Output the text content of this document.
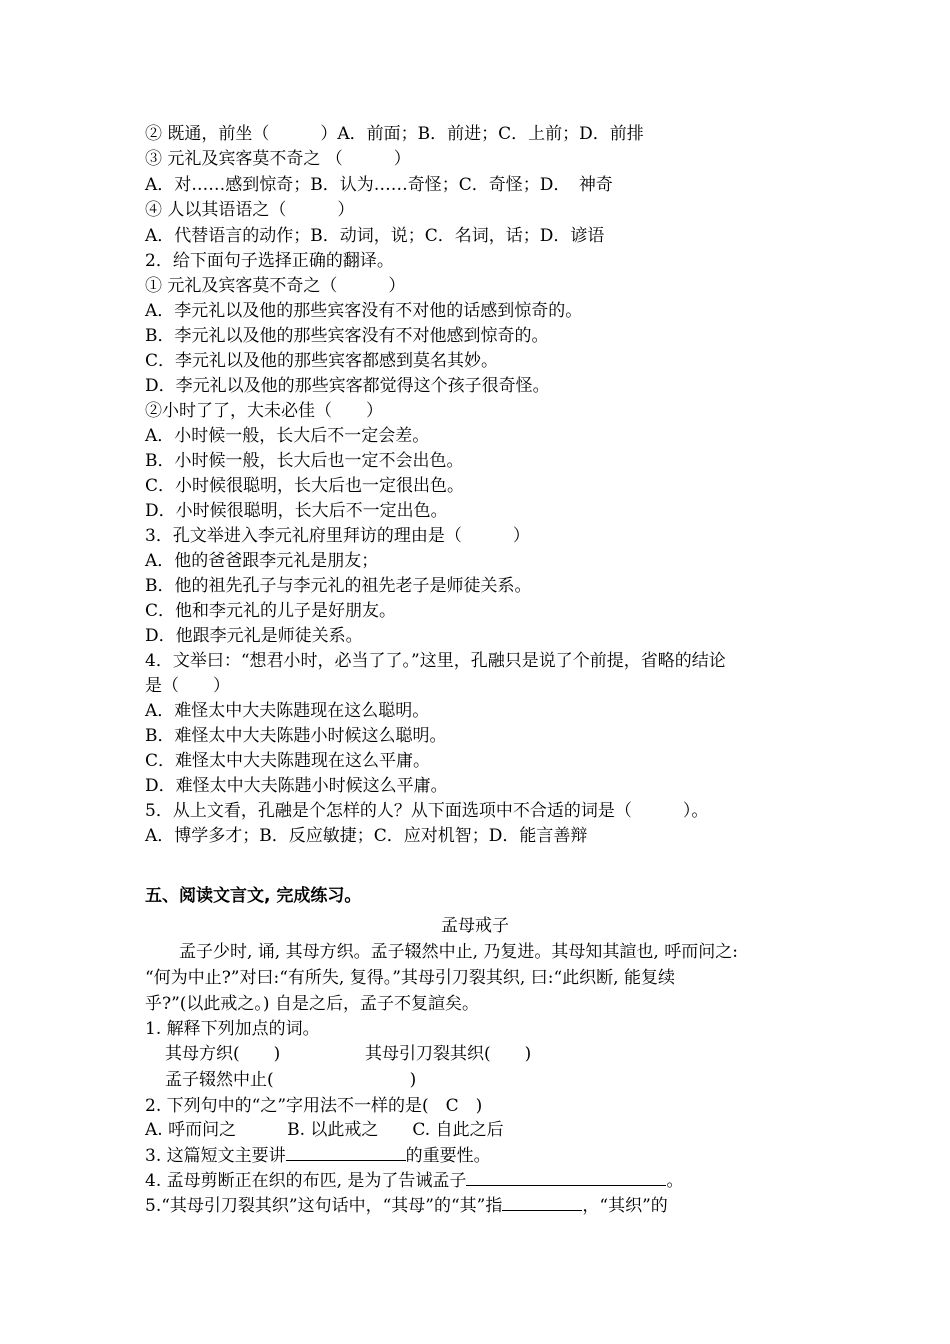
② 既通，前坐（　　　）A．前面；B．前进；C．上前；D．前排
③ 元礼及宾客莫不奇之 （　　　）
A．对……感到惊奇；B．认为……奇怪；C．奇怪；D．　神奇
④ 人以其语语之（　　　）
A．代替语言的动作；B．动词，说；C．名词，话；D．谚语
2．给下面句子选择正确的翻译。
① 元礼及宾客莫不奇之（　　　）
A．李元礼以及他的那些宾客没有不对他的话感到惊奇的。
B．李元礼以及他的那些宾客没有不对他感到惊奇的。
C．李元礼以及他的那些宾客都感到莫名其妙。
D．李元礼以及他的那些宾客都觉得这个孩子很奇怪。
②小时了了，大未必佳（　　）
A．小时候一般，长大后不一定会差。
B．小时候一般，长大后也一定不会出色。
C．小时候很聪明，长大后也一定很出色。
D．小时候很聪明，长大后不一定出色。
3．孔文举进入李元礼府里拜访的理由是（　　　）
A．他的爸爸跟李元礼是朋友；
B．他的祖先孔子与李元礼的祖先老子是师徒关系。
C．他和李元礼的儿子是好朋友。
D．他跟李元礼是师徒关系。
4．文举曰：“想君小时，必当了了。”这里，孔融只是说了个前提，省略的结论
是（　　）
A．难怪太中大夫陈韪现在这么聪明。
B．难怪太中大夫陈韪小时候这么聪明。
C．难怪太中大夫陈韪现在这么平庸。
D．难怪太中大夫陈韪小时候这么平庸。
5．从上文看，孔融是个怎样的人？从下面选项中不合适的词是（　　　）。
A．博学多才；B．反应敏捷；C．应对机智；D．能言善辩
五、阅读文言文, 完成练习。
孟母戒子
　　孟子少时, 诵, 其母方织。孟子辍然中止, 乃复进。其母知其諠也, 呼而问之:
“何为中止?”对曰:“有所失, 复得。”其母引刀裂其织, 曰:“此织断, 能复续
乎?”(以此戒之。) 自是之后，孟子不复諠矣。
1. 解释下列加点的词。
其母方织(　　)	其母引刀裂其织(　　)
孟子辍然中止(　　　　　　　　)
2. 下列句中的“之”字用法不一样的是(　C　)
A. 呼而问之　　　B. 以此戒之　　C. 自此之后
3. 这篇短文主要讲	的重要性。
4. 孟母剪断正在织的布匹, 是为了告诫孟子	。
5.“其母引刀裂其织”这句话中，“其母”的“其”指	，“其织”的
